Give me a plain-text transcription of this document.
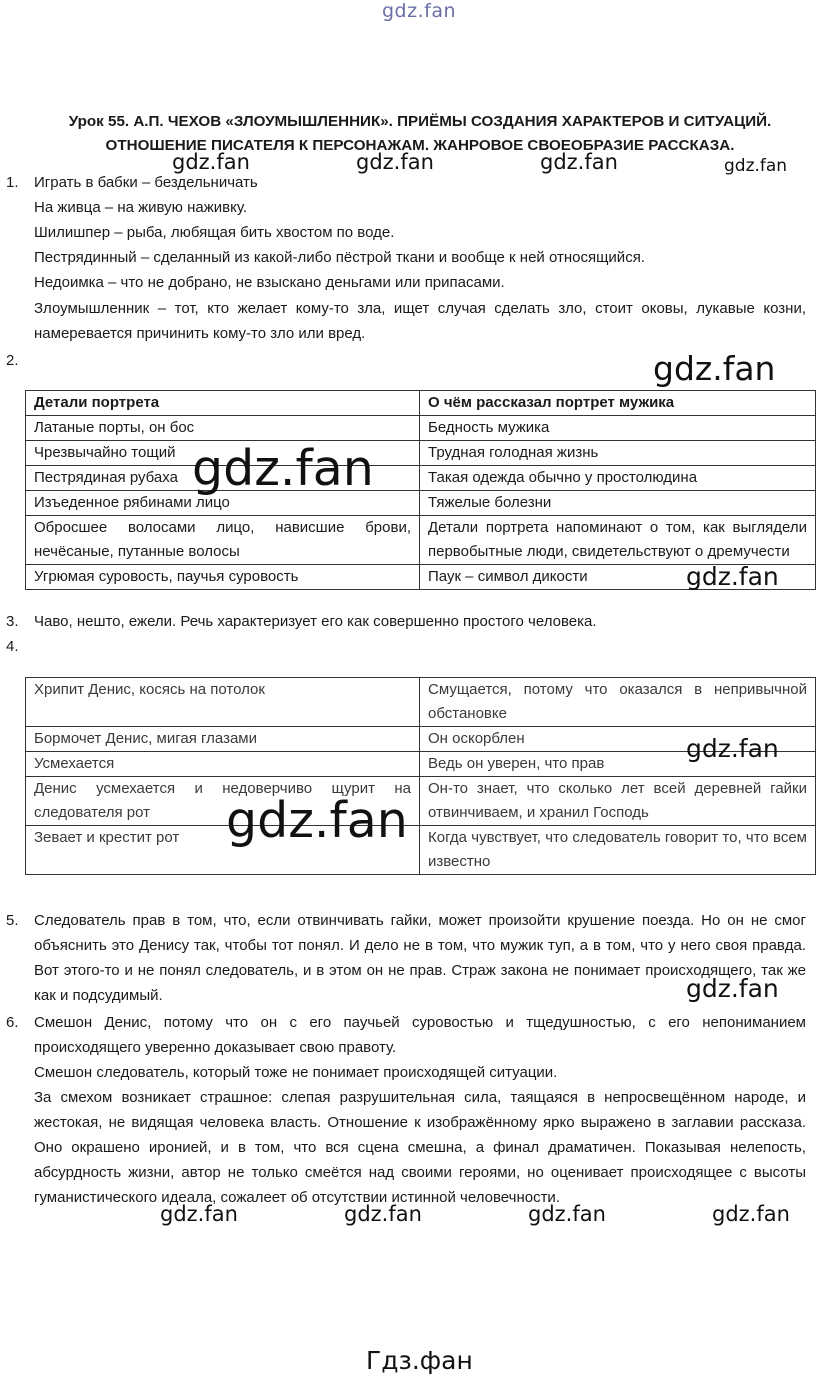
gdz.fan
Урок 55. А.П. ЧЕХОВ «ЗЛОУМЫШЛЕННИК». ПРИЁМЫ СОЗДАНИЯ ХАРАКТЕРОВ И СИТУАЦИЙ.
ОТНОШЕНИЕ ПИСАТЕЛЯ К ПЕРСОНАЖАМ. ЖАНРОВОЕ СВОЕОБРАЗИЕ РАССКАЗА.
1. Играть в бабки – бездельничать
На живца – на живую наживку.
Шилишпер – рыба, любящая бить хвостом по воде.
Пестрядинный – сделанный из какой-либо пёстрой ткани и вообще к ней относящийся.
Недоимка – что не добрано, не взыскано деньгами или припасами.
Злоумышленник – тот, кто желает кому-то зла, ищет случая сделать зло, стоит оковы, лукавые козни, намеревается причинить кому-то зло или вред.
2.
Детали портрета	О чём рассказал портрет мужика
Латаные порты, он бос	Бедность мужика
Чрезвычайно тощий	Трудная голодная жизнь
Пестрядиная рубаха	Такая одежда обычно у простолюдина
Изъеденное рябинами лицо	Тяжелые болезни
Обросшее волосами лицо, нависшие брови, нечёсаные, путанные волосы	Детали портрета напоминают о том, как выглядели первобытные люди, свидетельствуют о дремучести
Угрюмая суровость, паучья суровость	Паук – символ дикости
3. Чаво, нешто, ежели. Речь характеризует его как совершенно простого человека.
4.
Хрипит Денис, косясь на потолок	Смущается, потому что оказался в непривычной обстановке
Бормочет Денис, мигая глазами	Он оскорблен
Усмехается	Ведь он уверен, что прав
Денис усмехается и недоверчиво щурит на следователя рот	Он-то знает, что сколько лет всей деревней гайки отвинчиваем, и хранил Господь
Зевает и крестит рот	Когда чувствует, что следователь говорит то, что всем известно
5. Следователь прав в том, что, если отвинчивать гайки, может произойти крушение поезда. Но он не смог объяснить это Денису так, чтобы тот понял. И дело не в том, что мужик туп, а в том, что у него своя правда. Вот этого-то и не понял следователь, и в этом он не прав. Страж закона не понимает происходящего, так же как и подсудимый.
6. Смешон Денис, потому что он с его паучьей суровостью и тщедушностью, с его непониманием происходящего уверенно доказывает свою правоту.
Смешон следователь, который тоже не понимает происходящей ситуации.
За смехом возникает страшное: слепая разрушительная сила, таящаяся в непросвещённом народе, и жестокая, не видящая человека власть. Отношение к изображённому ярко выражено в заглавии рассказа. Оно окрашено иронией, и в том, что вся сцена смешна, а финал драматичен. Показывая нелепость, абсурдность жизни, автор не только смеётся над своими героями, но оценивает происходящее с высоты гуманистического идеала, сожалеет об отсутствии истинной человечности.
gdz.fan	gdz.fan	gdz.fan	gdz.fan
gdz.fan
gdz.fan
gdz.fan
gdz.fan
gdz.fan
gdz.fan
gdz.fan	gdz.fan	gdz.fan	gdz.fan
Гдз.фан
